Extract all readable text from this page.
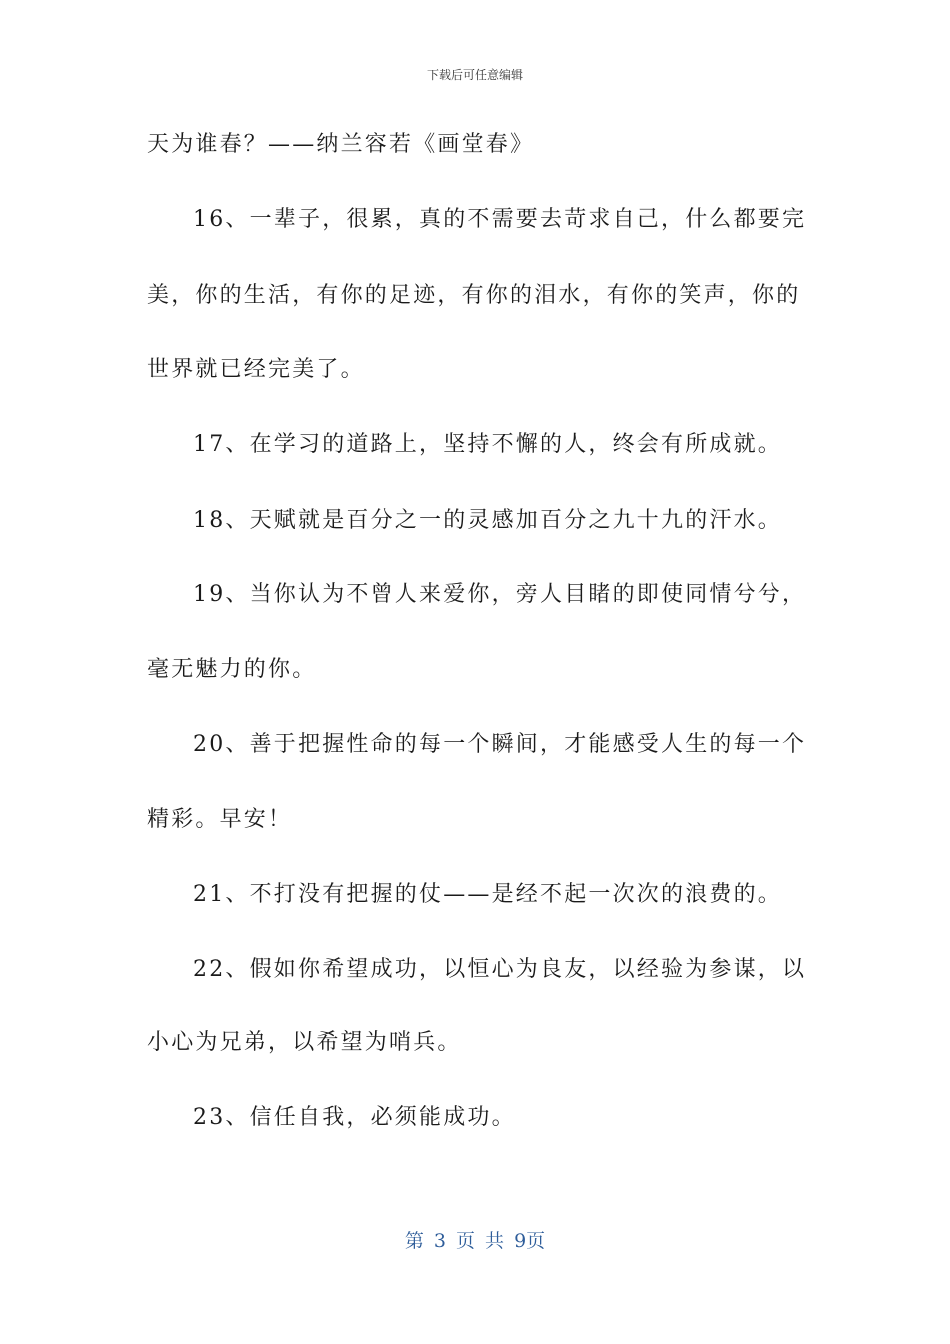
下载后可任意编辑
天为谁春？——纳兰容若《画堂春》
16、一辈子，很累，真的不需要去苛求自己，什么都要完
美，你的生活，有你的足迹，有你的泪水，有你的笑声，你的
世界就已经完美了。
17、在学习的道路上，坚持不懈的人，终会有所成就。
18、天赋就是百分之一的灵感加百分之九十九的汗水。
19、当你认为不曾人来爱你，旁人目睹的即使同情兮兮，
毫无魅力的你。
20、善于把握性命的每一个瞬间，才能感受人生的每一个
精彩。早安！
21、不打没有把握的仗——是经不起一次次的浪费的。
22、假如你希望成功，以恒心为良友，以经验为参谋，以
小心为兄弟，以希望为哨兵。
23、信任自我，必须能成功。
第 3 页 共 9页
